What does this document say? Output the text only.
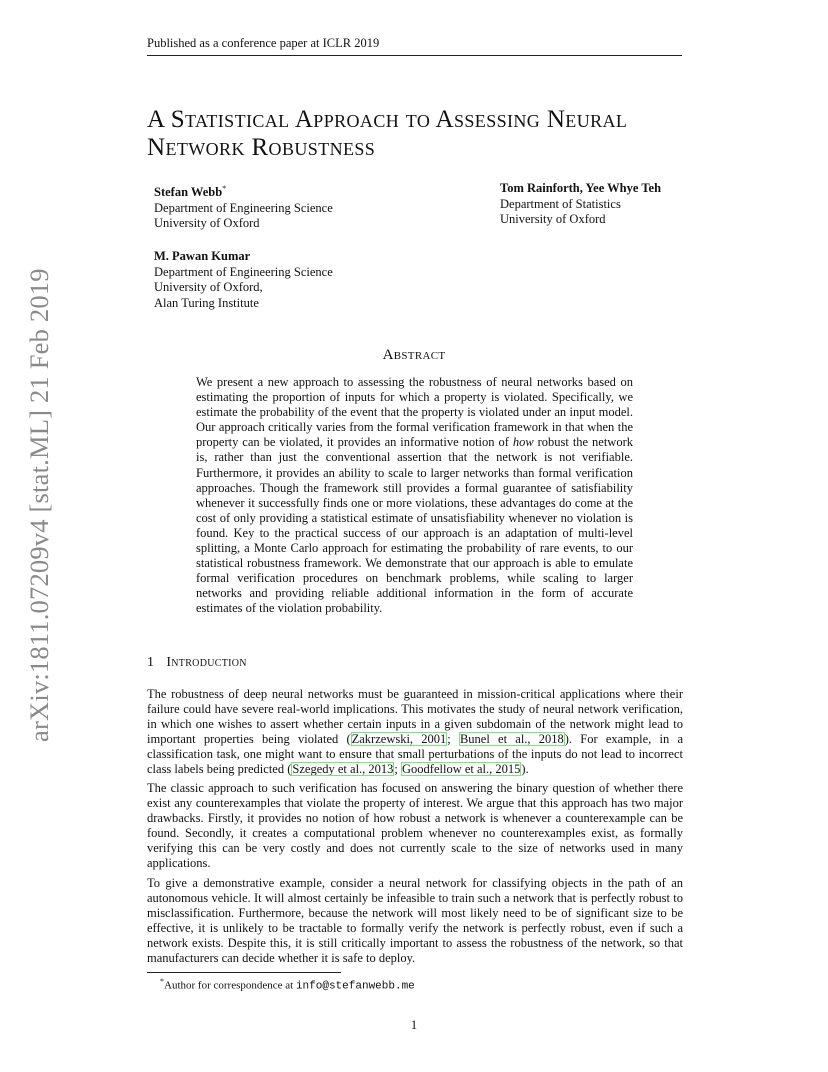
Published as a conference paper at ICLR 2019
arXiv:1811.07209v4 [stat.ML] 21 Feb 2019
A Statistical Approach to Assessing Neural Network Robustness
Stefan Webb*
Department of Engineering Science
University of Oxford
Tom Rainforth, Yee Whye Teh
Department of Statistics
University of Oxford
M. Pawan Kumar
Department of Engineering Science
University of Oxford,
Alan Turing Institute
Abstract

We present a new approach to assessing the robustness of neural networks based on estimating the proportion of inputs for which a property is violated. Specifically, we estimate the probability of the event that the property is violated under an input model. Our approach critically varies from the formal verification framework in that when the property can be violated, it provides an informative notion of how robust the network is, rather than just the conventional assertion that the network is not verifiable. Furthermore, it provides an ability to scale to larger networks than formal verification approaches. Though the framework still provides a formal guarantee of satisfiability whenever it successfully finds one or more violations, these advantages do come at the cost of only providing a statistical estimate of unsatisfiability whenever no violation is found. Key to the practical success of our approach is an adaptation of multi-level splitting, a Monte Carlo approach for estimating the probability of rare events, to our statistical robustness framework. We demonstrate that our approach is able to emulate formal verification procedures on benchmark problems, while scaling to larger networks and providing reliable additional information in the form of accurate estimates of the violation probability.

1 Introduction

The robustness of deep neural networks must be guaranteed in mission-critical applications where their failure could have severe real-world implications. This motivates the study of neural network verification, in which one wishes to assert whether certain inputs in a given subdomain of the network might lead to important properties being violated (Zakrzewski, 2001; Bunel et al., 2018). For example, in a classification task, one might want to ensure that small perturbations of the inputs do not lead to incorrect class labels being predicted (Szegedy et al., 2013; Goodfellow et al., 2015).

The classic approach to such verification has focused on answering the binary question of whether there exist any counterexamples that violate the property of interest. We argue that this approach has two major drawbacks. Firstly, it provides no notion of how robust a network is whenever a counterexample can be found. Secondly, it creates a computational problem whenever no counterexamples exist, as formally verifying this can be very costly and does not currently scale to the size of networks used in many applications.

To give a demonstrative example, consider a neural network for classifying objects in the path of an autonomous vehicle. It will almost certainly be infeasible to train such a network that is perfectly robust to misclassification. Furthermore, because the network will most likely need to be of significant size to be effective, it is unlikely to be tractable to formally verify the network is perfectly robust, even if such a network exists. Despite this, it is still critically important to assess the robustness of the network, so that manufacturers can decide whether it is safe to deploy.

*Author for correspondence at info@stefanwebb.me
1
